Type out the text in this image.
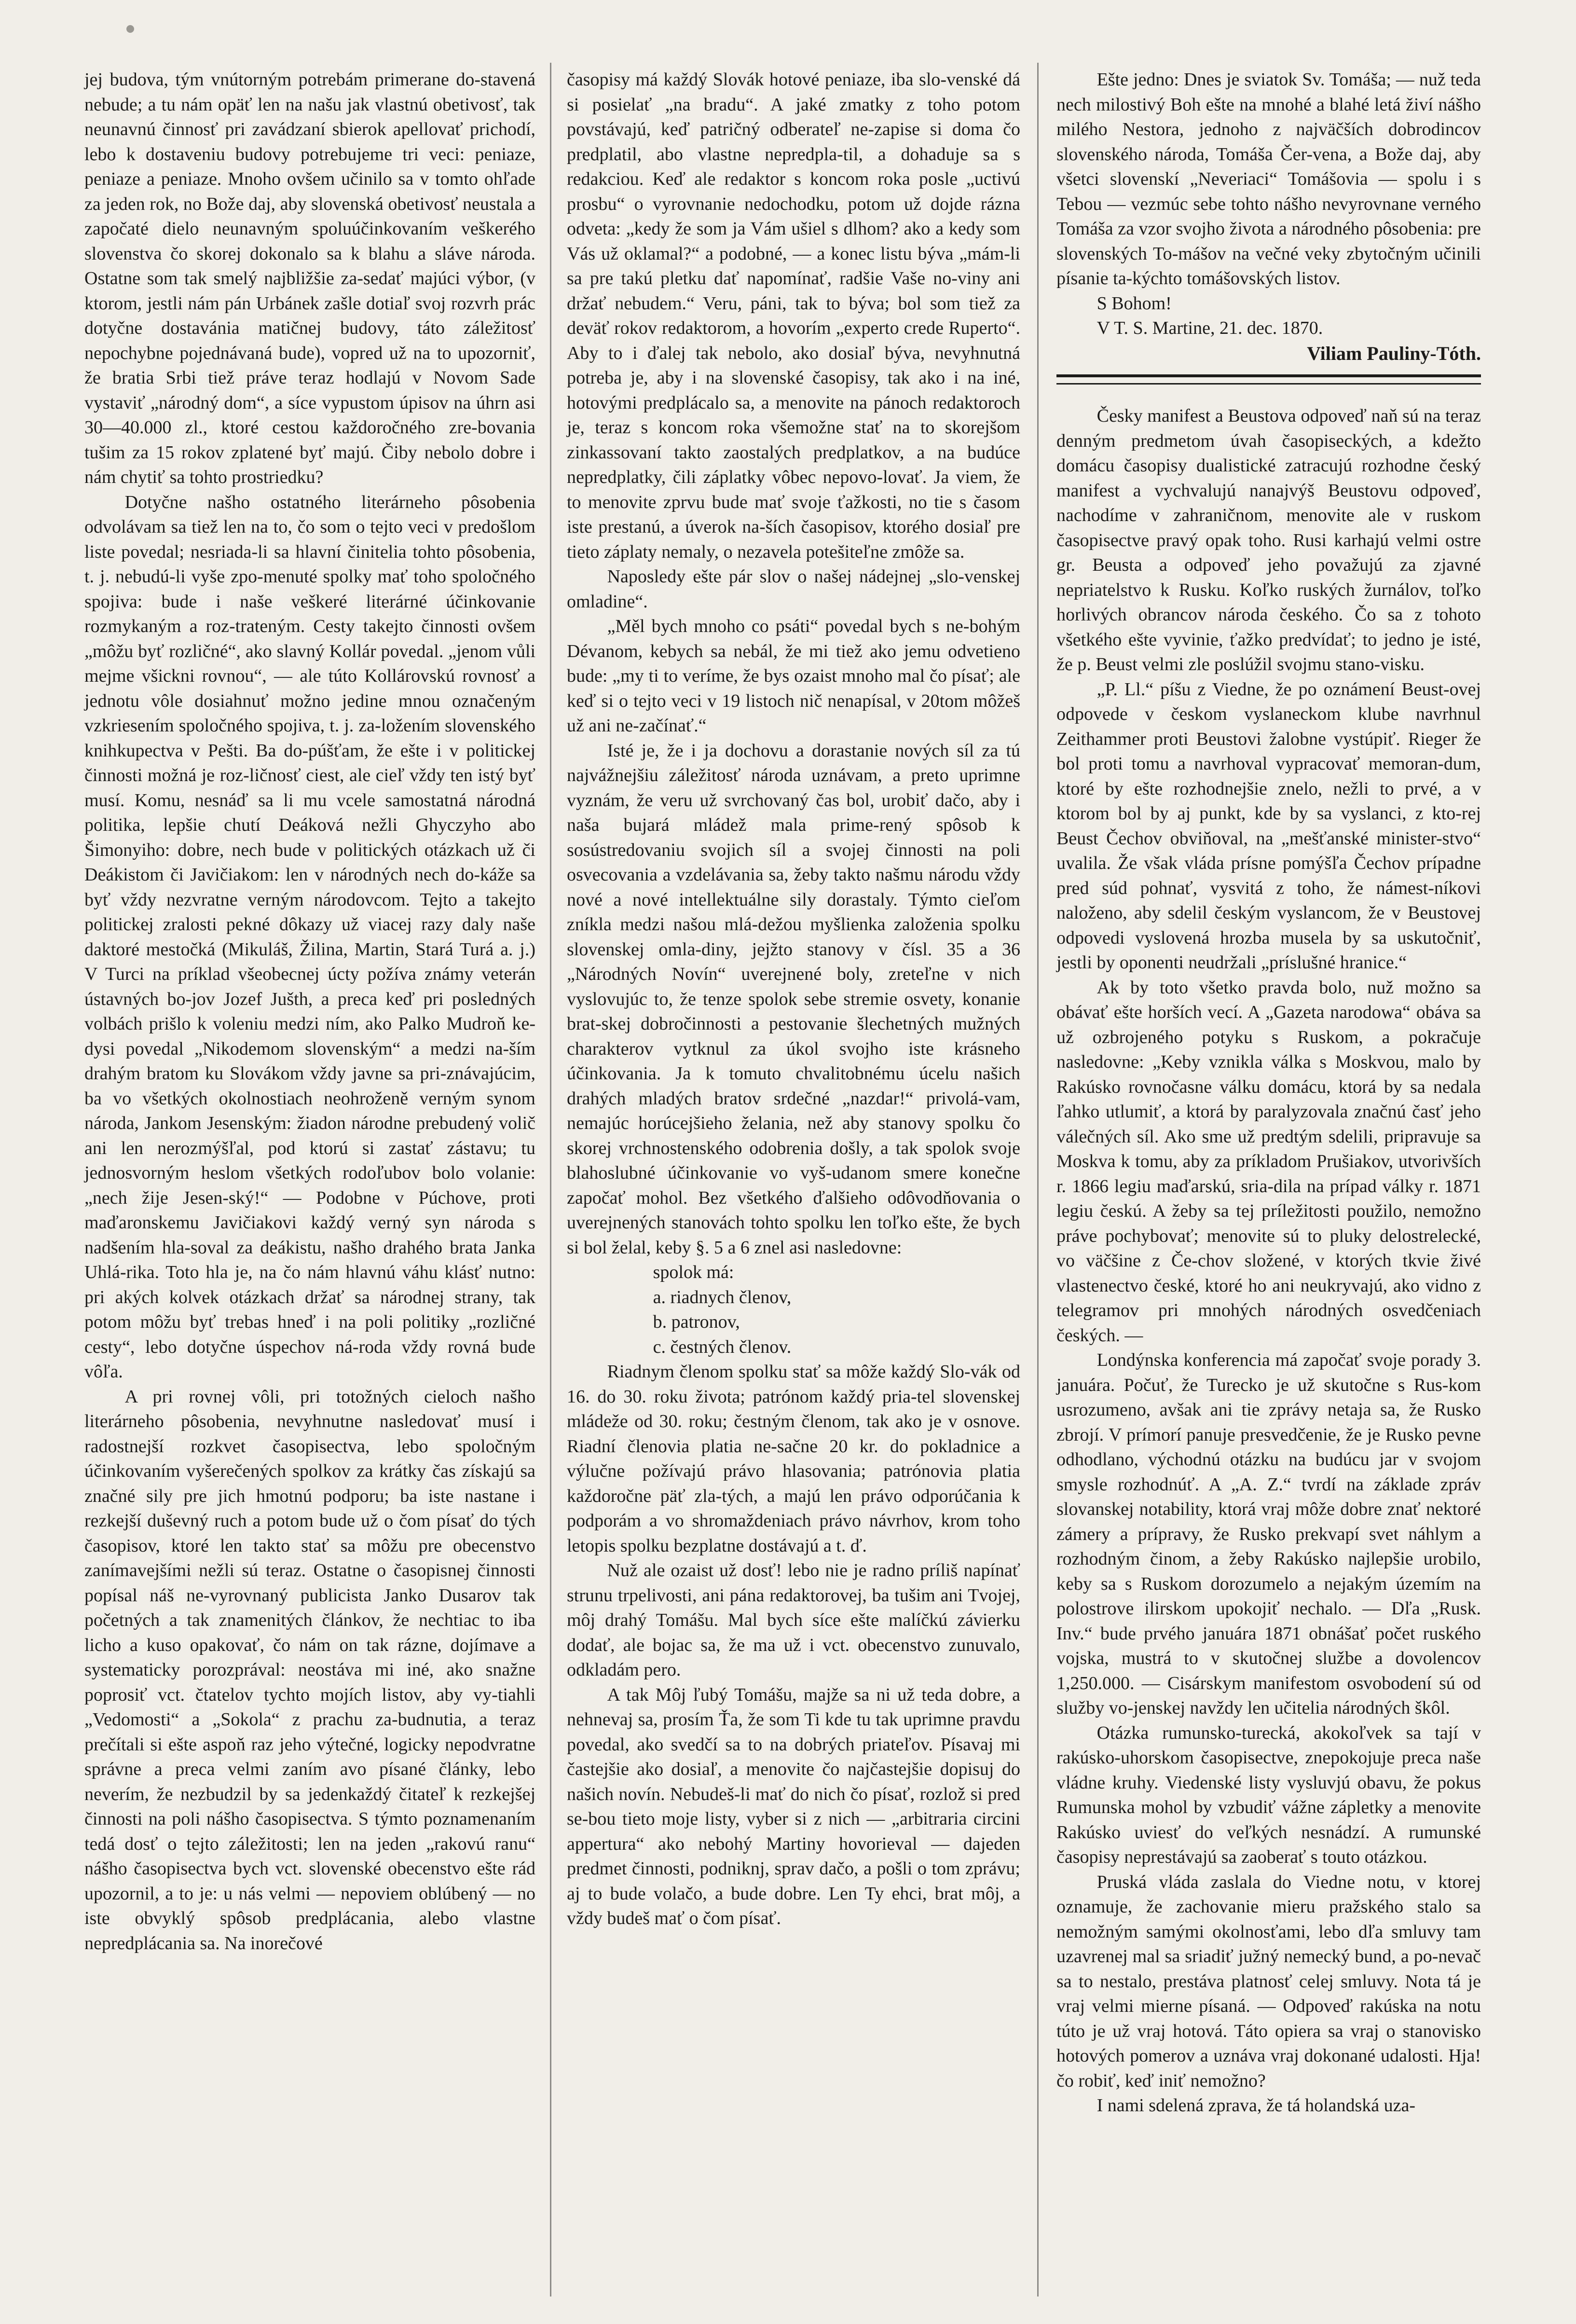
jej budova, tým vnútorným potrebám primerane do-stavená nebude; a tu nám opäť len na našu jak vlastnú obetivosť, tak neunavnú činnosť pri zavádzaní sbierok apellovať prichodí, lebo k dostaveniu budovy potrebujeme tri veci: peniaze, peniaze a peniaze. Mnoho ovšem učinilo sa v tomto ohľade za jeden rok, no Bože daj, aby slovenská obetivosť neustala a započaté dielo neunavným spoluúčinkovaním veškerého slovenstva čo skorej dokonalo sa k blahu a sláve národa. Ostatne som tak smelý najbližšie za-sedať majúci výbor, (v ktorom, jestli nám pán Urbánek zašle dotiaľ svoj rozvrh prác dotyčne dostavánia matičnej budovy, táto záležitosť nepochybne pojednávaná bude), vopred už na to upozorniť, že bratia Srbi tiež práve teraz hodlajú v Novom Sade vystaviť „národný dom“, a síce vypustom úpisov na úhrn asi 30—40.000 zl., ktoré cestou každoročného zre-bovania tušim za 15 rokov zplatené byť majú. Čiby nebolo dobre i nám chytiť sa tohto prostriedku?

Dotyčne našho ostatného literárneho pôsobenia odvolávam sa tiež len na to, čo som o tejto veci v predošlom liste povedal; nesriada-li sa hlavní činitelia tohto pôsobenia, t. j. nebudú-li vyše zpo-menuté spolky mať toho spoločného spojiva: bude i naše veškeré literárné účinkovanie rozmykaným a roz-trateným. Cesty takejto činnosti ovšem „môžu byť rozličné“, ako slavný Kollár povedal. „jenom vůli mejme všickni rovnou“, — ale túto Kollárovskú rovnosť a jednotu vôle dosiahnuť možno jedine mnou označeným vzkriesením spoločného spojiva, t. j. za-ložením slovenského knihkupectva v Pešti. Ba do-púšťam, že ešte i v politickej činnosti možná je roz-ličnosť ciest, ale cieľ vždy ten istý byť musí. Komu, nesnáď sa li mu vcele samostatná národná politika, lepšie chutí Deáková nežli Ghyczyho abo Šimonyiho: dobre, nech bude v politických otázkach už či Deákistom či Javičiakom: len v národných nech do-káže sa byť vždy nezvratne verným národovcom. Tejto a takejto politickej zralosti pekné dôkazy už viacej razy daly naše daktoré mestočká (Mikuláš, Žilina, Martin, Stará Turá a. j.) V Turci na príklad všeobecnej úcty požíva známy veterán ústavných bo-jov Jozef Jušth, a preca keď pri posledných volbách prišlo k voleniu medzi ním, ako Palko Mudroň ke-dysi povedal „Nikodemom slovenským“ a medzi na-ším drahým bratom ku Slovákom vždy javne sa pri-znávajúcim, ba vo všetkých okolnostiach neohroženě verným synom národa, Jankom Jesenským: žiadon národne prebudený volič ani len nerozmýšľal, pod ktorú si zastať zástavu; tu jednosvorným heslom všetkých rodoľubov bolo volanie: „nech žije Jesen-ský!“ — Podobne v Púchove, proti maďaronskemu Javičiakovi každý verný syn národa s nadšením hla-soval za deákistu, našho drahého brata Janka Uhlá-rika. Toto hla je, na čo nám hlavnú váhu klásť nutno: pri akých kolvek otázkach držať sa národnej strany, tak potom môžu byť trebas hneď i na poli politiky „rozličné cesty“, lebo dotyčne úspechov ná-roda vždy rovná bude vôľa.

A pri rovnej vôli, pri totožných cieloch našho literárneho pôsobenia, nevyhnutne nasledovať musí i radostnejší rozkvet časopisectva, lebo spoločným účinkovaním vyšerečených spolkov za krátky čas získajú sa značné sily pre jich hmotnú podporu; ba iste nastane i rezkejší duševný ruch a potom bude už o čom písať do tých časopisov, ktoré len takto stať sa môžu pre obecenstvo zanímavejšími nežli sú teraz. Ostatne o časopisnej činnosti popísal náš ne-vyrovnaný publicista Janko Dusarov tak početných a tak znamenitých článkov, že nechtiac to iba licho a kuso opakovať, čo nám on tak rázne, dojímave a systematicky porozprával: neostáva mi iné, ako snažne poprosiť vct. čtatelov tychto mojích listov, aby vy-tiahli „Vedomosti“ a „Sokola“ z prachu za-budnutia, a teraz prečítali si ešte aspoň raz jeho výtečné, logicky nepodvratne správne a preca velmi zaním avo písané články, lebo neverím, že nezbudzil by sa jedenkaždý čitateľ k rezkejšej činnosti na poli nášho časopisectva. S týmto poznamenaním tedá dosť o tejto záležitosti; len na jeden „rakovú ranu“ nášho časopisectva bych vct. slovenské obecenstvo ešte rád upozornil, a to je: u nás velmi — nepoviem oblúbený — no iste obvyklý spôsob predplácania, alebo vlastne nepredplácania sa. Na inorečové

časopisy má každý Slovák hotové peniaze, iba slo-venské dá si posielať „na bradu“. A jaké zmatky z toho potom povstávajú, keď patričný odberateľ ne-zapise si doma čo predplatil, abo vlastne nepredpla-til, a dohaduje sa s redakciou. Keď ale redaktor s koncom roka posle „uctivú prosbu“ o vyrovnanie nedochodku, potom už dojde rázna odveta: „kedy že som ja Vám ušiel s dlhom? ako a kedy som Vás už oklamal?“ a podobné, — a konec listu býva „mám-li sa pre takú pletku dať napomínať, radšie Vaše no-viny ani držať nebudem.“ Veru, páni, tak to býva; bol som tiež za deväť rokov redaktorom, a hovorím „experto crede Ruperto“. Aby to i ďalej tak nebolo, ako dosiaľ býva, nevyhnutná potreba je, aby i na slovenské časopisy, tak ako i na iné, hotovými predplácalo sa, a menovite na pánoch redaktoroch je, teraz s koncom roka všemožne stať na to skorejšom zinkassovaní takto zaostalých predplatkov, a na budúce nepredplatky, čili záplatky vôbec nepovo-lovať. Ja viem, že to menovite zprvu bude mať svoje ťažkosti, no tie s časom iste prestanú, a úverok na-ších časopisov, ktorého dosiaľ pre tieto záplaty nemaly, o nezavela potešiteľne zmôže sa.

Naposledy ešte pár slov o našej nádejnej „slo-venskej omladine“.

„Měl bych mnoho co psáti“ povedal bych s ne-bohým Dévanom, kebych sa nebál, že mi tiež ako jemu odvetieno bude: „my ti to veríme, že bys ozaist mnoho mal čo písať; ale keď si o tejto veci v 19 listoch nič nenapísal, v 20tom môžeš už ani ne-začínať.“

Isté je, že i ja dochovu a dorastanie nových síl za tú najvážnejšiu záležitosť národa uznávam, a preto uprimne vyznám, že veru už svrchovaný čas bol, urobiť dačo, aby i naša bujará mládež mala prime-rený spôsob k sosústredovaniu svojich síl a svojej činnosti na poli osvecovania a vzdelávania sa, žeby takto našmu národu vždy nové a nové intellektuálne sily dorastaly. Týmto cieľom zníkla medzi našou mlá-dežou myšlienka založenia spolku slovenskej omla-diny, jejžto stanovy v čísl. 35 a 36 „Národných Novín“ uverejnené boly, zreteľne v nich vyslovujúc to, že tenze spolok sebe stremie osvety, konanie brat-skej dobročinnosti a pestovanie šlechetných mužných charakterov vytknul za úkol svojho iste krásneho účinkovania. Ja k tomuto chvalitobnému úcelu našich drahých mladých bratov srdečné „nazdar!“ privolá-vam, nemajúc horúcejšieho želania, než aby stanovy spolku čo skorej vrchnostenského odobrenia došly, a tak spolok svoje blahoslubné účinkovanie vo vyš-udanom smere konečne započať mohol. Bez všetkého ďalšieho odôvodňovania o uverejnených stanovách tohto spolku len toľko ešte, že bych si bol želal, keby §. 5 a 6 znel asi nasledovne:

spolok má:

a. riadnych členov,

b. patronov,

c. čestných členov.

Riadnym členom spolku stať sa môže každý Slo-vák od 16. do 30. roku života; patrónom každý pria-tel slovenskej mládeže od 30. roku; čestným členom, tak ako je v osnove. Riadní členovia platia ne-sačne 20 kr. do pokladnice a výlučne požívajú právo hlasovania; patrónovia platia každoročne päť zla-tých, a majú len právo odporúčania k podporám a vo shromaždeniach právo návrhov, krom toho letopis spolku bezplatne dostávajú a t. ď.

Nuž ale ozaist už dosť! lebo nie je radno príliš napínať strunu trpelivosti, ani pána redaktorovej, ba tušim ani Tvojej, môj drahý Tomášu. Mal bych síce ešte malíčkú závierku dodať, ale bojac sa, že ma už i vct. obecenstvo zunuvalo, odkladám pero.

A tak Môj ľubý Tomášu, majže sa ni už teda dobre, a nehnevaj sa, prosím Ťa, že som Ti kde tu tak uprimne pravdu povedal, ako svedčí sa to na dobrých priateľov. Písavaj mi častejšie ako dosiaľ, a menovite čo najčastejšie dopisuj do našich novín. Nebudeš-li mať do nich čo písať, rozlož si pred se-bou tieto moje listy, vyber si z nich — „arbitraria circini appertura“ ako nebohý Martiny hovorieval — dajeden predmet činnosti, podniknj, sprav dačo, a pošli o tom zprávu; aj to bude volačo, a bude dobre. Len Ty ehci, brat môj, a vždy budeš mať o čom písať.

Ešte jedno: Dnes je sviatok Sv. Tomáša; — nuž teda nech milostivý Boh ešte na mnohé a blahé letá živí nášho milého Nestora, jednoho z najväčších dobrodincov slovenského národa, Tomáša Čer-vena, a Bože daj, aby všetci slovenskí „Neveriaci“ Tomášovia — spolu i s Tebou — vezmúc sebe tohto nášho nevyrovnane verného Tomáša za vzor svojho života a národného pôsobenia: pre slovenských To-mášov na večné veky zbytočným učinili písanie ta-kýchto tomášovských listov.

S Bohom!

V T. S. Martine, 21. dec. 1870.

Viliam Pauliny-Tóth.

Česky manifest a Beustova odpoveď naň sú na teraz denným predmetom úvah časopiseckých, a kdežto domácu časopisy dualistické zatracujú rozhodne český manifest a vychvalujú nanajvýš Beustovu odpoveď, nachodíme v zahraničnom, menovite ale v ruskom časopisectve pravý opak toho. Rusi karhajú velmi ostre gr. Beusta a odpoveď jeho považujú za zjavné nepriatelstvo k Rusku. Koľko ruských žurnálov, toľko horlivých obrancov národa českého. Čo sa z tohoto všetkého ešte vyvinie, ťažko predvídať; to jedno je isté, že p. Beust velmi zle poslúžil svojmu stano-visku.

„P. Ll.“ píšu z Viedne, že po oznámení Beust-ovej odpovede v českom vyslaneckom klube navrhnul Zeithammer proti Beustovi žalobne vystúpiť. Rieger že bol proti tomu a navrhoval vypracovať memoran-dum, ktoré by ešte rozhodnejšie znelo, nežli to prvé, a v ktorom bol by aj punkt, kde by sa vyslanci, z kto-rej Beust Čechov obviňoval, na „mešťanské minister-stvo“ uvalila. Že však vláda prísne pomýšľa Čechov prípadne pred súd pohnať, vysvitá z toho, že námest-níkovi naloženo, aby sdelil českým vyslancom, že v Beustovej odpovedi vyslovená hrozba musela by sa uskutočniť, jestli by oponenti neudržali „príslušné hranice.“

Ak by toto všetko pravda bolo, nuž možno sa obávať ešte horších vecí. A „Gazeta narodowa“ obáva sa už ozbrojeného potyku s Ruskom, a pokračuje nasledovne: „Keby vznikla válka s Moskvou, malo by Rakúsko rovnočasne válku domácu, ktorá by sa nedala ľahko utlumiť, a ktorá by paralyzovala značnú časť jeho válečných síl. Ako sme už predtým sdelili, pripravuje sa Moskva k tomu, aby za príkladom Prušiakov, utvorivších r. 1866 legiu maďarskú, sria-dila na prípad války r. 1871 legiu českú. A žeby sa tej príležitosti použilo, nemožno práve pochybovať; menovite sú to pluky delostrelecké, vo väčšine z Če-chov složené, v ktorých tkvie živé vlastenectvo české, ktoré ho ani neukryvajú, ako vidno z telegramov pri mnohých národných osvedčeniach českých. —

Londýnska konferencia má započať svoje porady 3. januára. Počuť, že Turecko je už skutočne s Rus-kom usrozumeno, avšak ani tie zprávy netaja sa, že Rusko zbrojí. V prímorí panuje presvedčenie, že je Rusko pevne odhodlano, východnú otázku na budúcu jar v svojom smysle rozhodnúť. A „A. Z.“ tvrdí na základe zpráv slovanskej notability, ktorá vraj môže dobre znať nektoré zámery a prípravy, že Rusko prekvapí svet náhlym a rozhodným činom, a žeby Rakúsko najlepšie urobilo, keby sa s Ruskom dorozumelo a nejakým územím na polostrove ilirskom upokojiť nechalo. — Dľa „Rusk. Inv.“ bude prvého januára 1871 obnášať počet ruského vojska, mustrá to v skutočnej službe a dovolencov 1,250.000. — Cisárskym manifestom osvobodení sú od služby vo-jenskej navždy len učitelia národných škôl.

Otázka rumunsko-turecká, akokoľvek sa tají v rakúsko-uhorskom časopisectve, znepokojuje preca naše vládne kruhy. Viedenské listy vysluvjú obavu, že pokus Rumunska mohol by vzbudiť vážne zápletky a menovite Rakúsko uviesť do veľkých nesnádzí. A rumunské časopisy neprestávajú sa zaoberať s touto otázkou.

Pruská vláda zaslala do Viedne notu, v ktorej oznamuje, že zachovanie mieru pražského stalo sa nemožným samými okolnosťami, lebo dľa smluvy tam uzavrenej mal sa sriadiť južný nemecký bund, a po-nevač sa to nestalo, prestáva platnosť celej smluvy. Nota tá je vraj velmi mierne písaná. — Odpoveď rakúska na notu túto je už vraj hotová. Táto opiera sa vraj o stanovisko hotových pomerov a uznáva vraj dokonané udalosti. Hja! čo robiť, keď iniť nemožno?

I nami sdelená zprava, že tá holandská uza-
